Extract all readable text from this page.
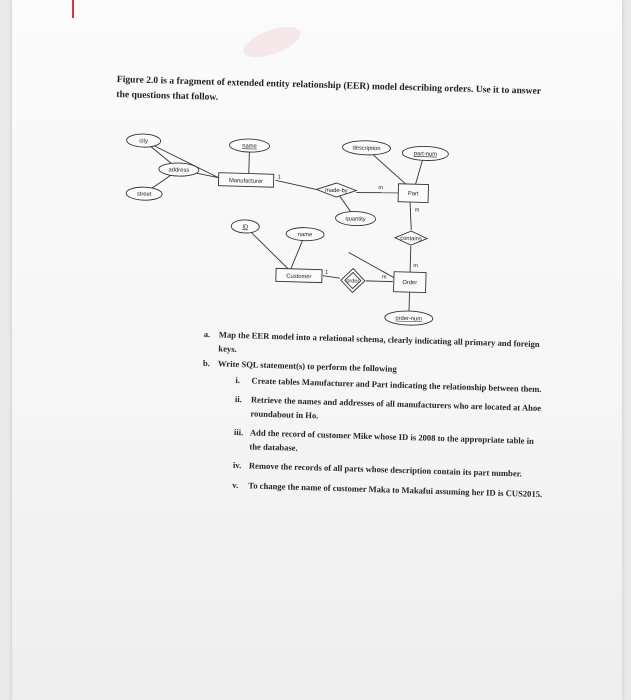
Figure 2.0 is a fragment of extended entity relationship (EER) model describing orders. Use it to answer the questions that follow.
city
address
street
name	description
part-num
quantity
ID
name
order-num
Manufacturer
Part
Customer
Order
made-by
contains
order
1
m
m
m
1
m
a. Map the EER model into a relational schema, clearly indicating all primary and foreign keys.
b. Write SQL statement(s) to perform the following
i. Create tables Manufacturer and Part indicating the relationship between them.
ii. Retrieve the names and addresses of all manufacturers who are located at Ahoe roundabout in Ho.
iii. Add the record of customer Mike whose ID is 2008 to the appropriate table in the database.
iv. Remove the records of all parts whose description contain its part number.
v. To change the name of customer Maka to Makafui assuming her ID is CUS2015.
